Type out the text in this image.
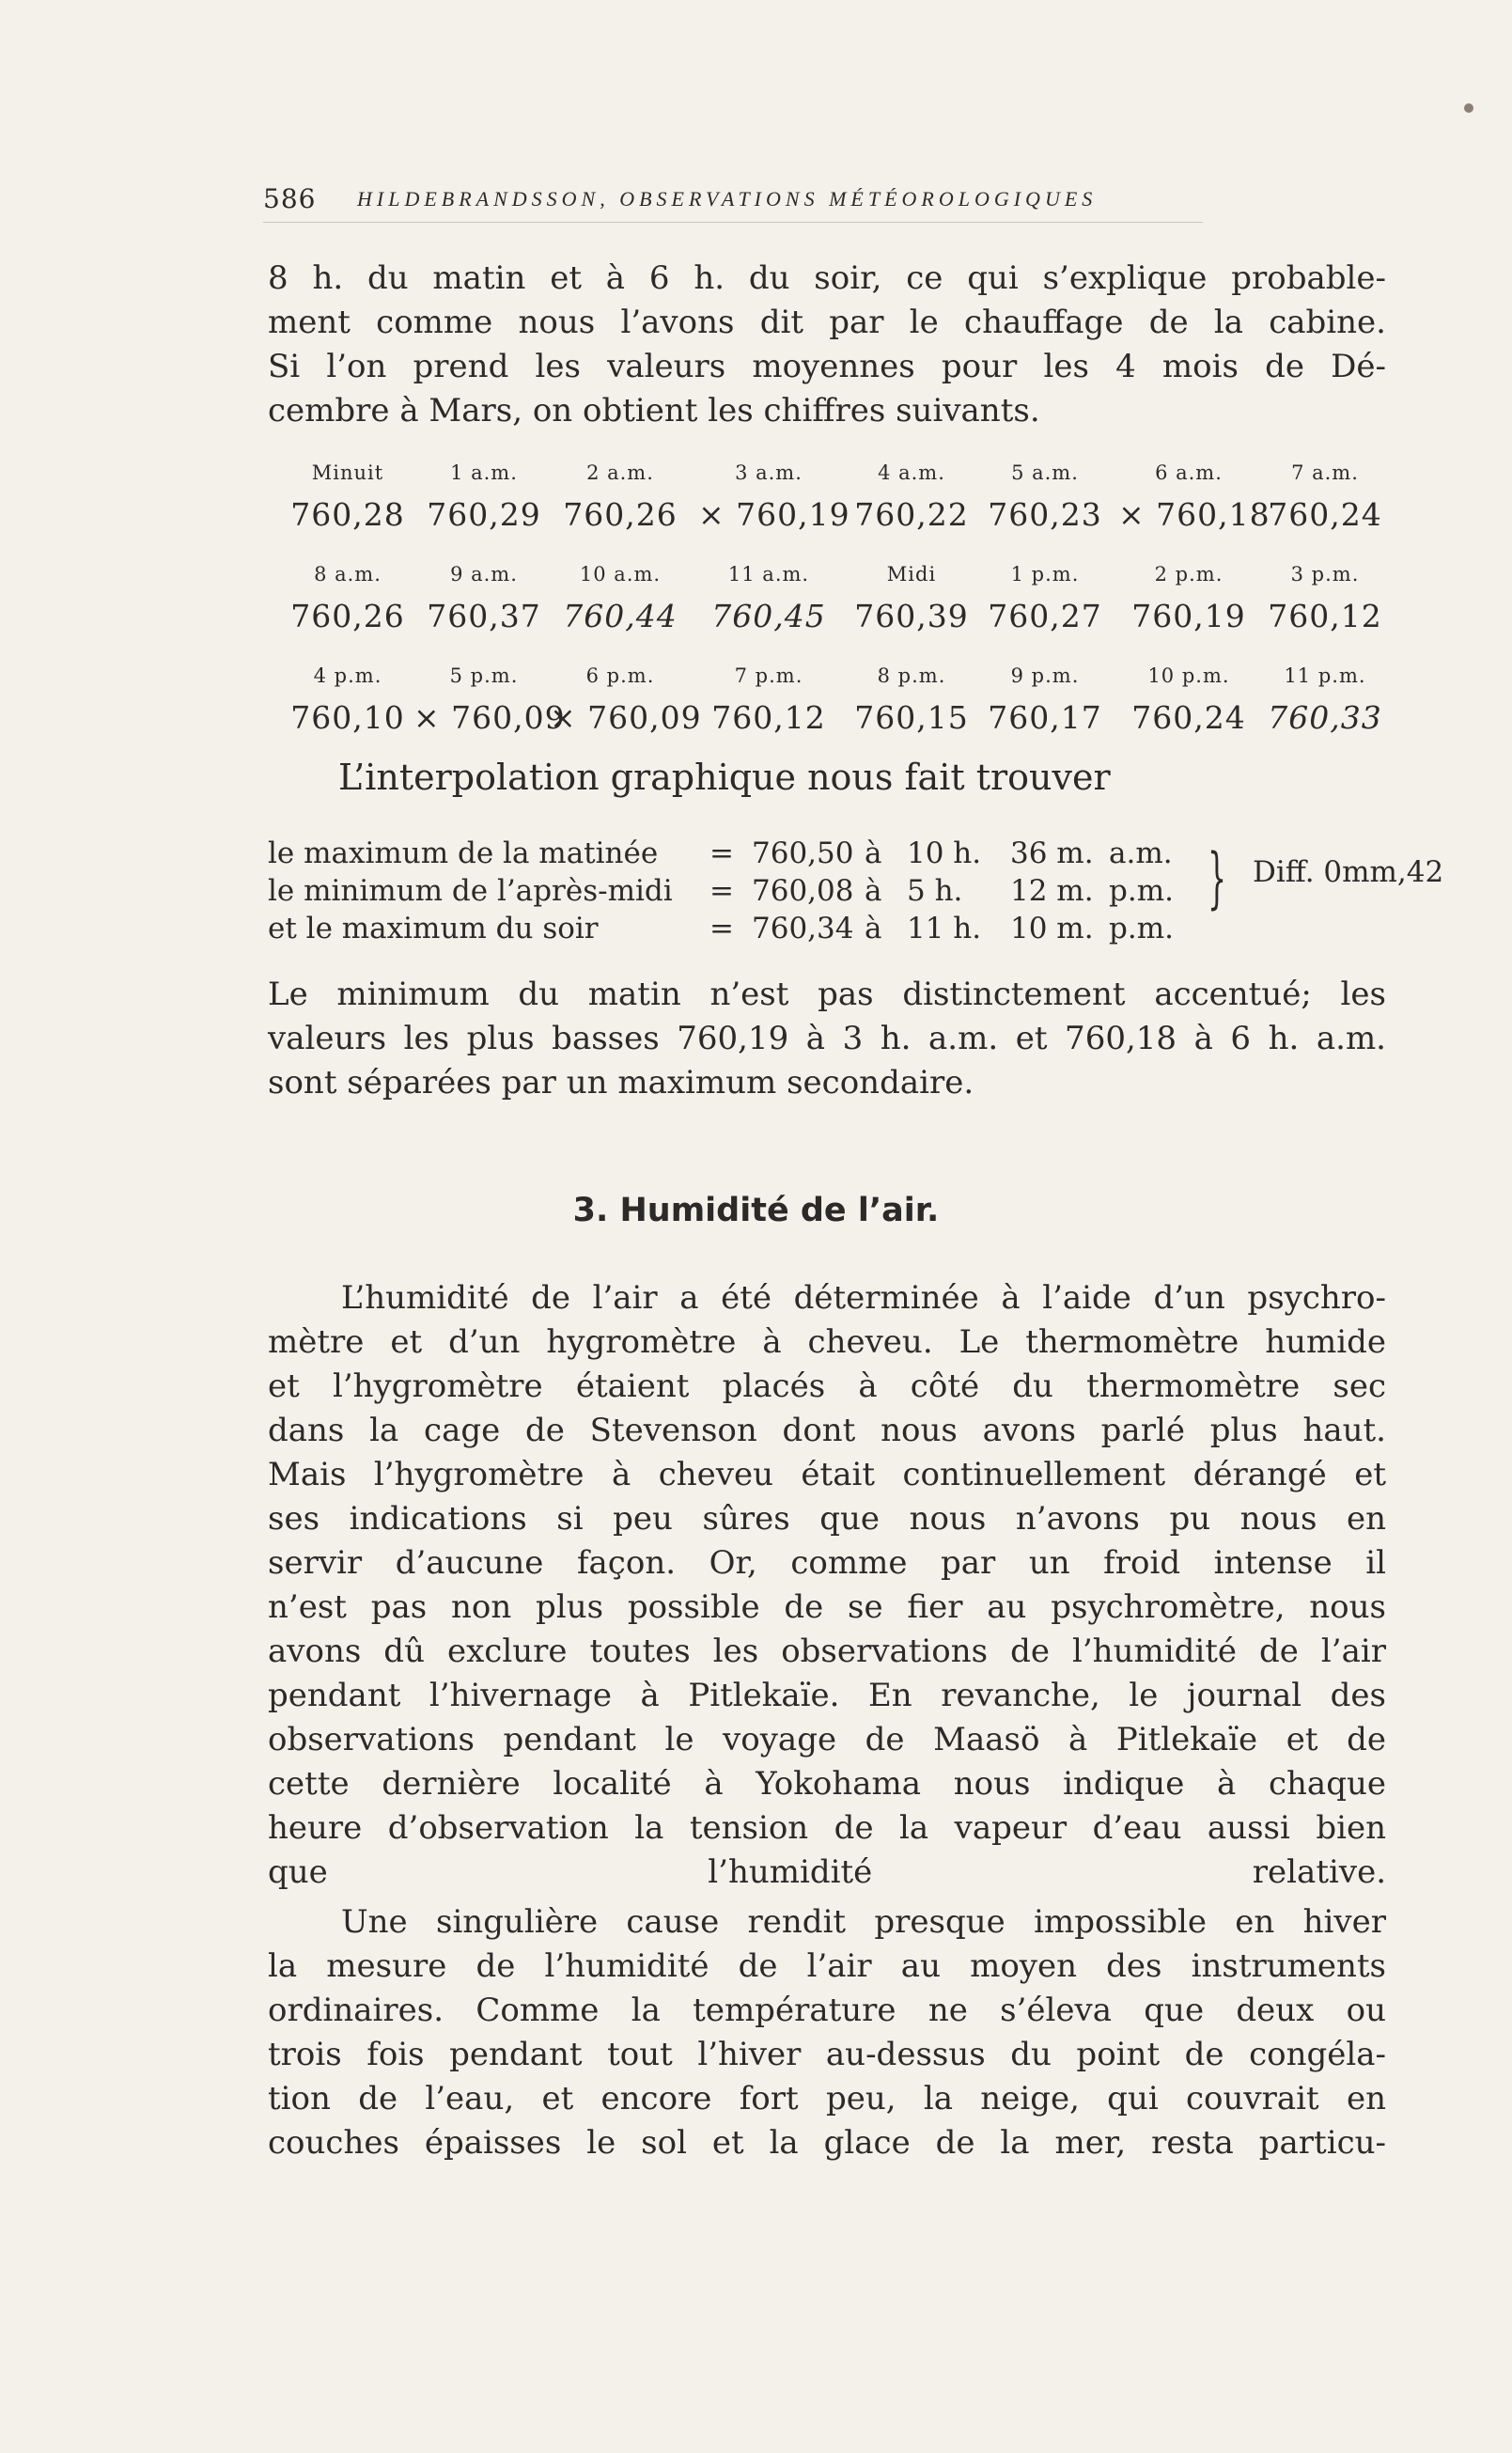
586 HILDEBRANDSSON, OBSERVATIONS MÉTÉOROLOGIQUES

8 h. du matin et à 6 h. du soir, ce qui s’explique probable-
ment comme nous l’avons dit par le chauffage de la cabine.
Si l’on prend les valeurs moyennes pour les 4 mois de Dé-
cembre à Mars, on obtient les chiffres suivants.

Minuit
760,28
1 a.m.
760,29
2 a.m.
760,26
3 a.m.
× 760,19
4 a.m.
760,22
5 a.m.
760,23
6 a.m.
× 760,18
7 a.m.
760,24
8 a.m.
760,26
9 a.m.
760,37
10 a.m.
760,44
11 a.m.
760,45
Midi
760,39
1 p.m.
760,27
2 p.m.
760,19
3 p.m.
760,12
4 p.m.
760,10
5 p.m.
× 760,09
6 p.m.
× 760,09
7 p.m.
760,12
8 p.m.
760,15
9 p.m.
760,17
10 p.m.
760,24
11 p.m.
760,33
L’interpolation graphique nous fait trouver
le maximum de la matinée = 760,50 à 10 h. 36 m. a.m.
le minimum de l’après-midi = 760,08 à 5 h. 12 m. p.m.
et le maximum du soir	= 760,34 à 11 h. 10 m. p.m.
} Diff. 0mm,42

Le minimum du matin n’est pas distinctement accentué; les
valeurs les plus basses 760,19 à 3 h. a.m. et 760,18 à 6 h. a.m.
sont séparées par un maximum secondaire.

3. Humidité de l’air.

L’humidité de l’air a été déterminée à l’aide d’un psychro-
mètre et d’un hygromètre à cheveu. Le thermomètre humide
et l’hygromètre étaient placés à côté du thermomètre sec
dans la cage de Stevenson dont nous avons parlé plus haut.
Mais l’hygromètre à cheveu était continuellement dérangé et
ses indications si peu sûres que nous n’avons pu nous en
servir d’aucune façon. Or, comme par un froid intense il
n’est pas non plus possible de se fier au psychromètre, nous
avons dû exclure toutes les observations de l’humidité de l’air
pendant l’hivernage à Pitlekaïe. En revanche, le journal des
observations pendant le voyage de Maasö à Pitlekaïe et de
cette dernière localité à Yokohama nous indique à chaque
heure d’observation la tension de la vapeur d’eau aussi bien
que l’humidité relative.

Une singulière cause rendit presque impossible en hiver
la mesure de l’humidité de l’air au moyen des instruments
ordinaires. Comme la température ne s’éleva que deux ou
trois fois pendant tout l’hiver au-dessus du point de congéla-
tion de l’eau, et encore fort peu, la neige, qui couvrait en
couches épaisses le sol et la glace de la mer, resta particu-
